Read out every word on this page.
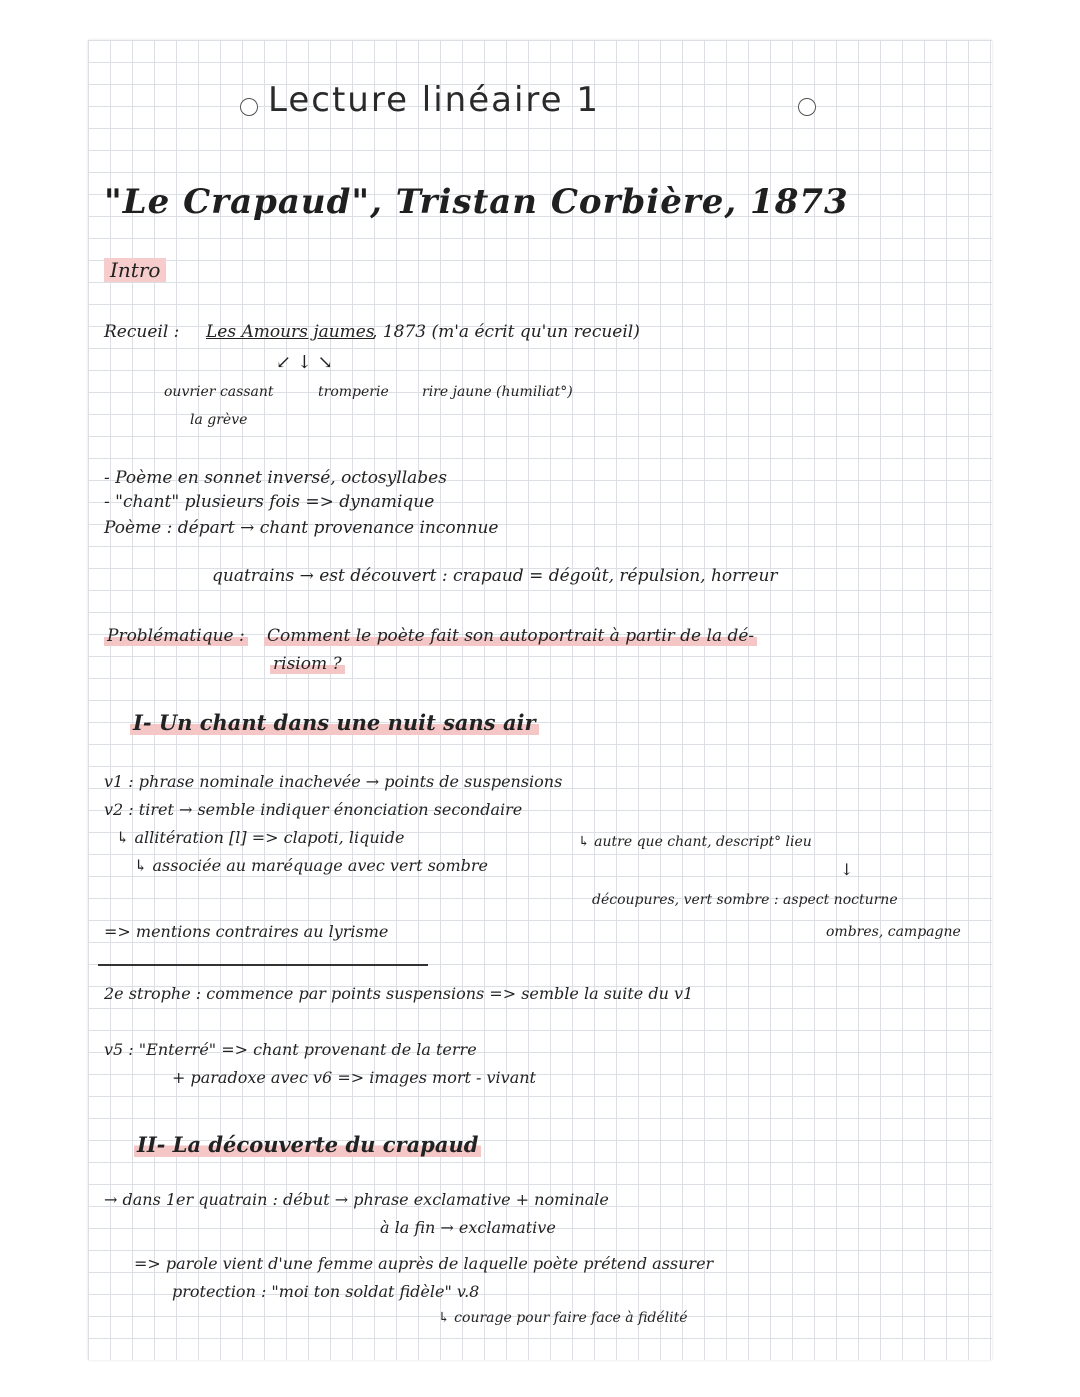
Lecture linéaire 1
"Le Crapaud", Tristan Corbière, 1873
Intro
Recueil : Les Amours jaumes
, 1873 (m'a écrit qu'un recueil)
↙ ↓ ↘
ouvrier cassant
la grève
tromperie rire jaune (humiliat°)
- Poème en sonnet inversé, octosyllabes
- "chant" plusieurs fois => dynamique
Poème : départ → chant provenance inconnue
quatrains → est découvert : crapaud = dégoût, répulsion, horreur
Problématique : Comment le poète fait son autoportrait à partir de la dé-
risiom ?
I- Un chant dans une nuit sans air
v1 : phrase nominale inachevée → points de suspensions
v2 : tiret → semble indiquer énonciation secondaire
↳ allitération [l] => clapoti, liquide
↳ associée au maréquage avec vert sombre
↳ autre que chant, descript° lieu
↓
découpures, vert sombre : aspect nocturne
ombres, campagne
=> mentions contraires au lyrisme
2e strophe : commence par points suspensions => semble la suite du v1
v5 : "Enterré" => chant provenant de la terre
+ paradoxe avec v6 => images mort - vivant
II- La découverte du crapaud
→ dans 1er quatrain : début → phrase exclamative + nominale
à la fin → exclamative
=> parole vient d'une femme auprès de laquelle poète prétend assurer
protection : "moi ton soldat fidèle" v.8
↳ courage pour faire face à fidélité
